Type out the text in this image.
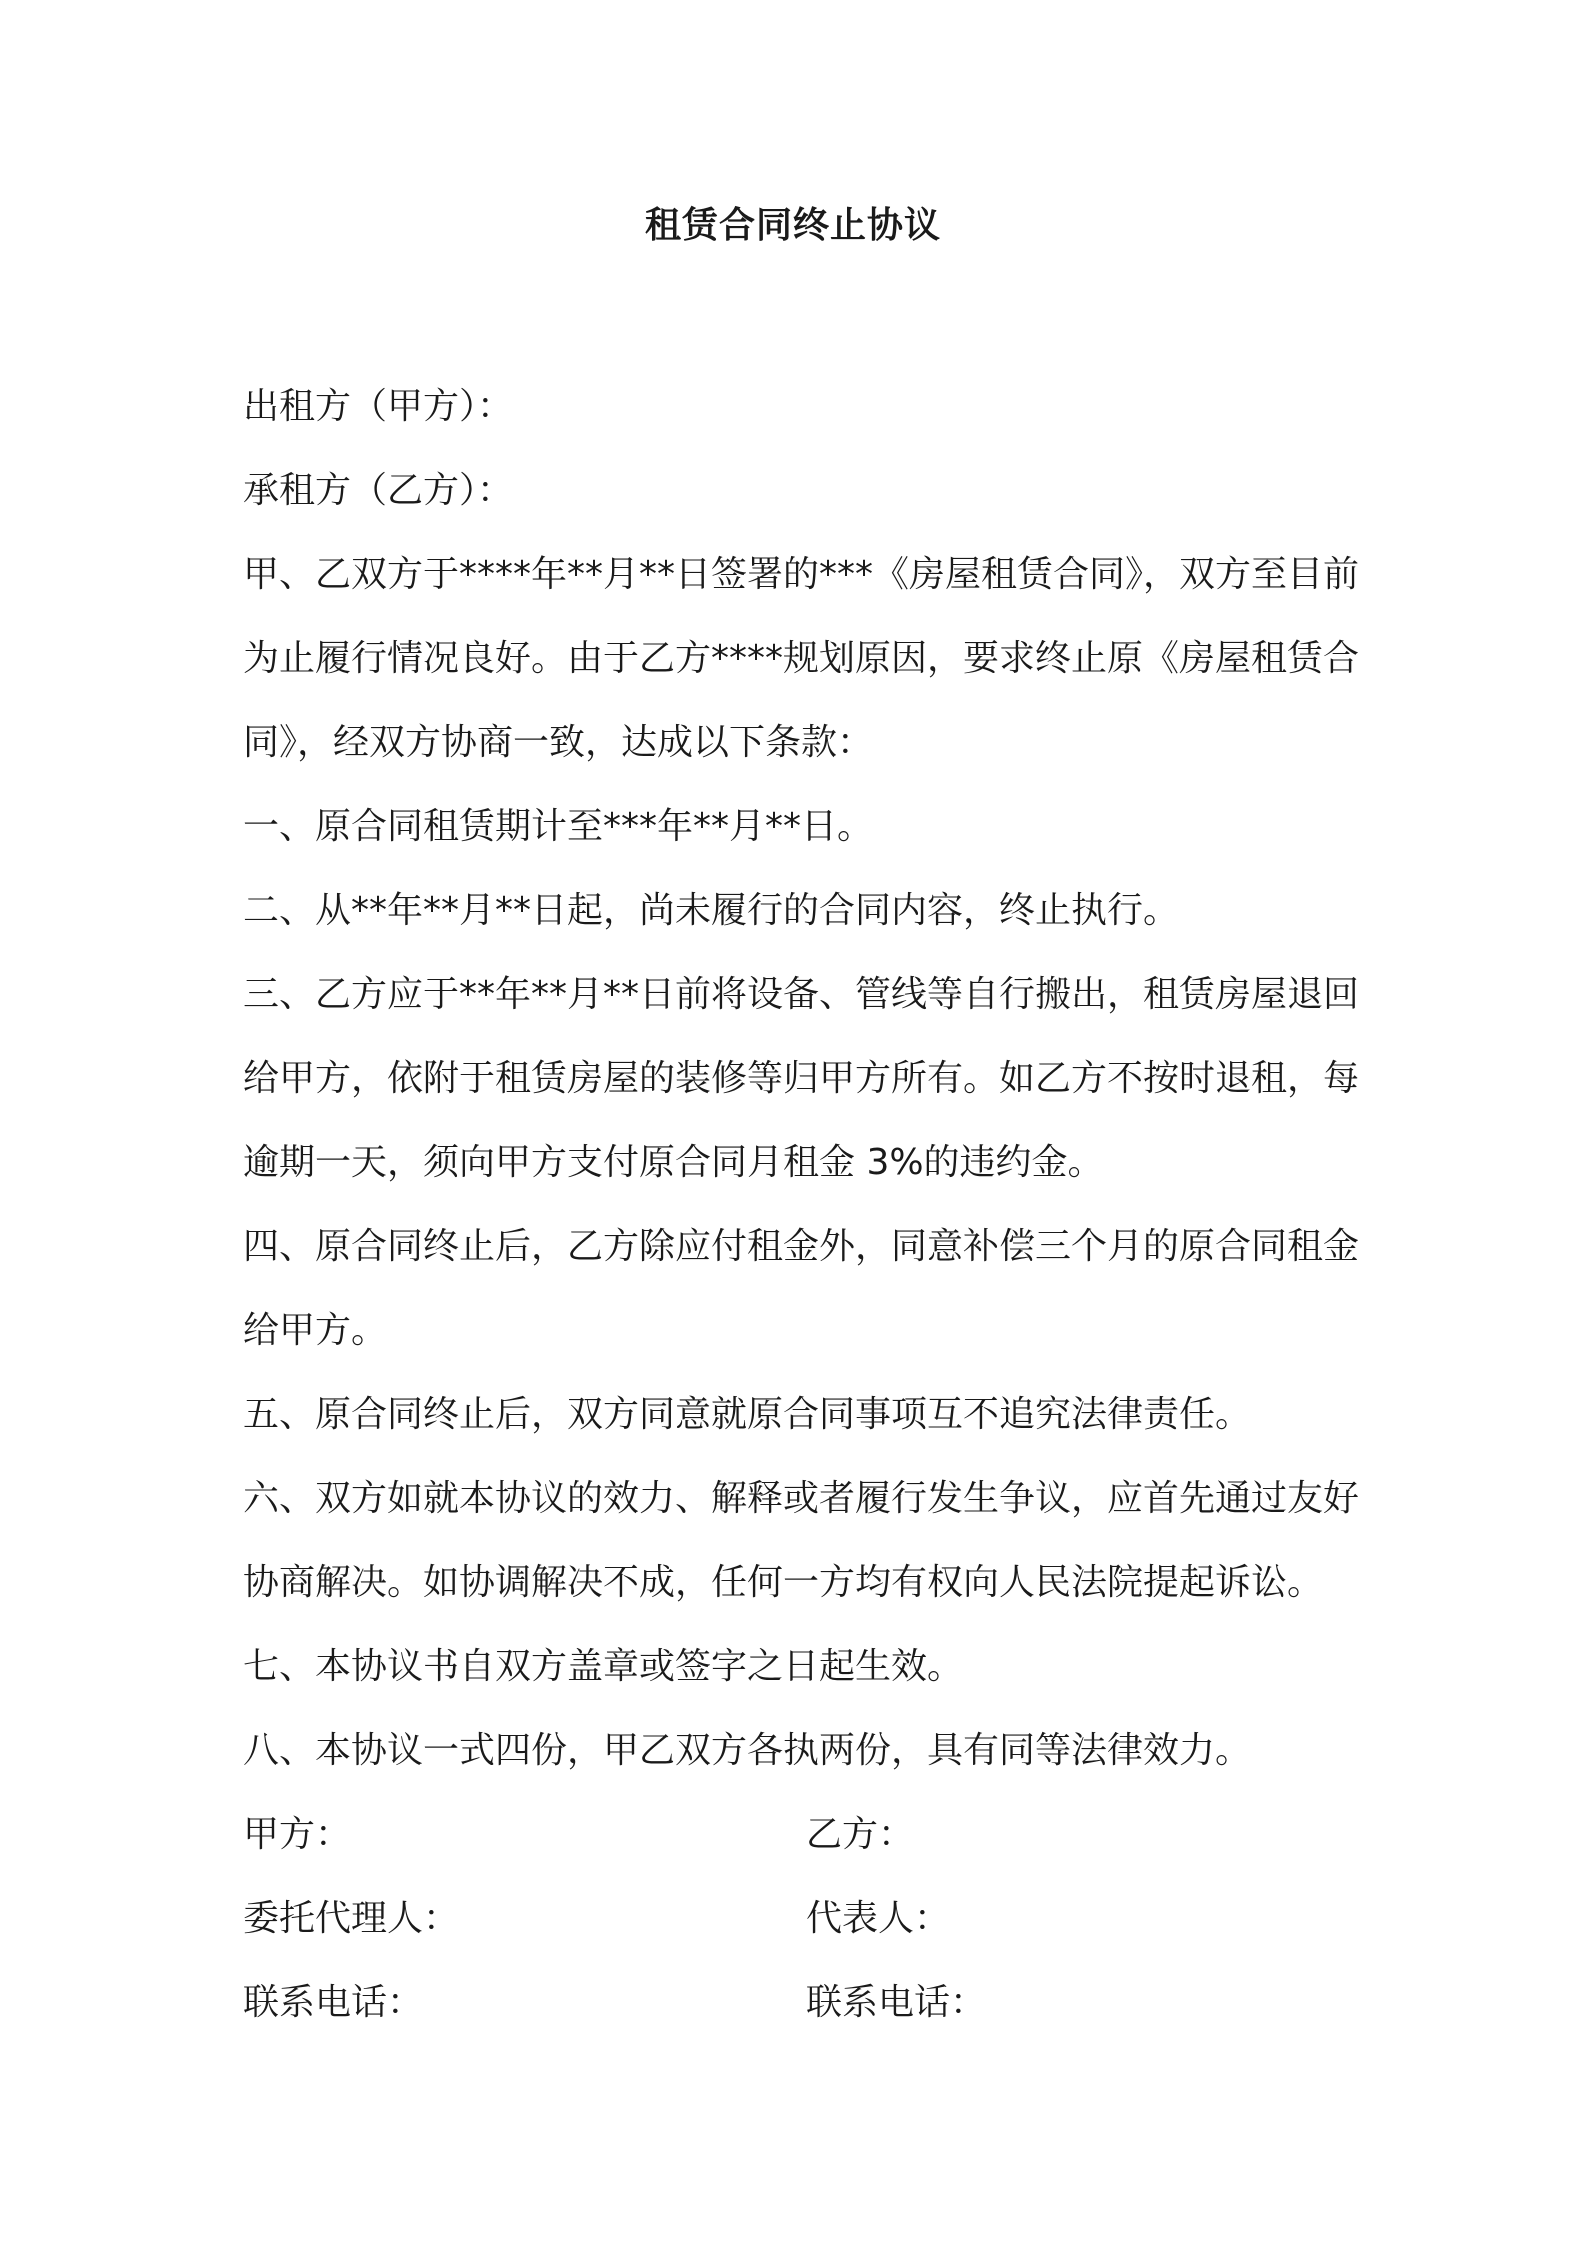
租赁合同终止协议

出租方（甲方）：

承租方（乙方）：

甲、乙双方于****年**月**日签署的***《房屋租赁合同》，双方至目前为止履行情况良好。由于乙方****规划原因，要求终止原《房屋租赁合同》，经双方协商一致，达成以下条款：

一、原合同租赁期计至***年**月**日。

二、从**年**月**日起，尚未履行的合同内容，终止执行。

三、乙方应于**年**月**日前将设备、管线等自行搬出，租赁房屋退回给甲方，依附于租赁房屋的装修等归甲方所有。如乙方不按时退租，每逾期一天，须向甲方支付原合同月租金 3%的违约金。

四、原合同终止后，乙方除应付租金外，同意补偿三个月的原合同租金给甲方。

五、原合同终止后，双方同意就原合同事项互不追究法律责任。

六、双方如就本协议的效力、解释或者履行发生争议，应首先通过友好协商解决。如协调解决不成，任何一方均有权向人民法院提起诉讼。

七、本协议书自双方盖章或签字之日起生效。

八、本协议一式四份，甲乙双方各执两份，具有同等法律效力。

甲方：	乙方：
委托代理人：	代表人：
联系电话：	联系电话：
